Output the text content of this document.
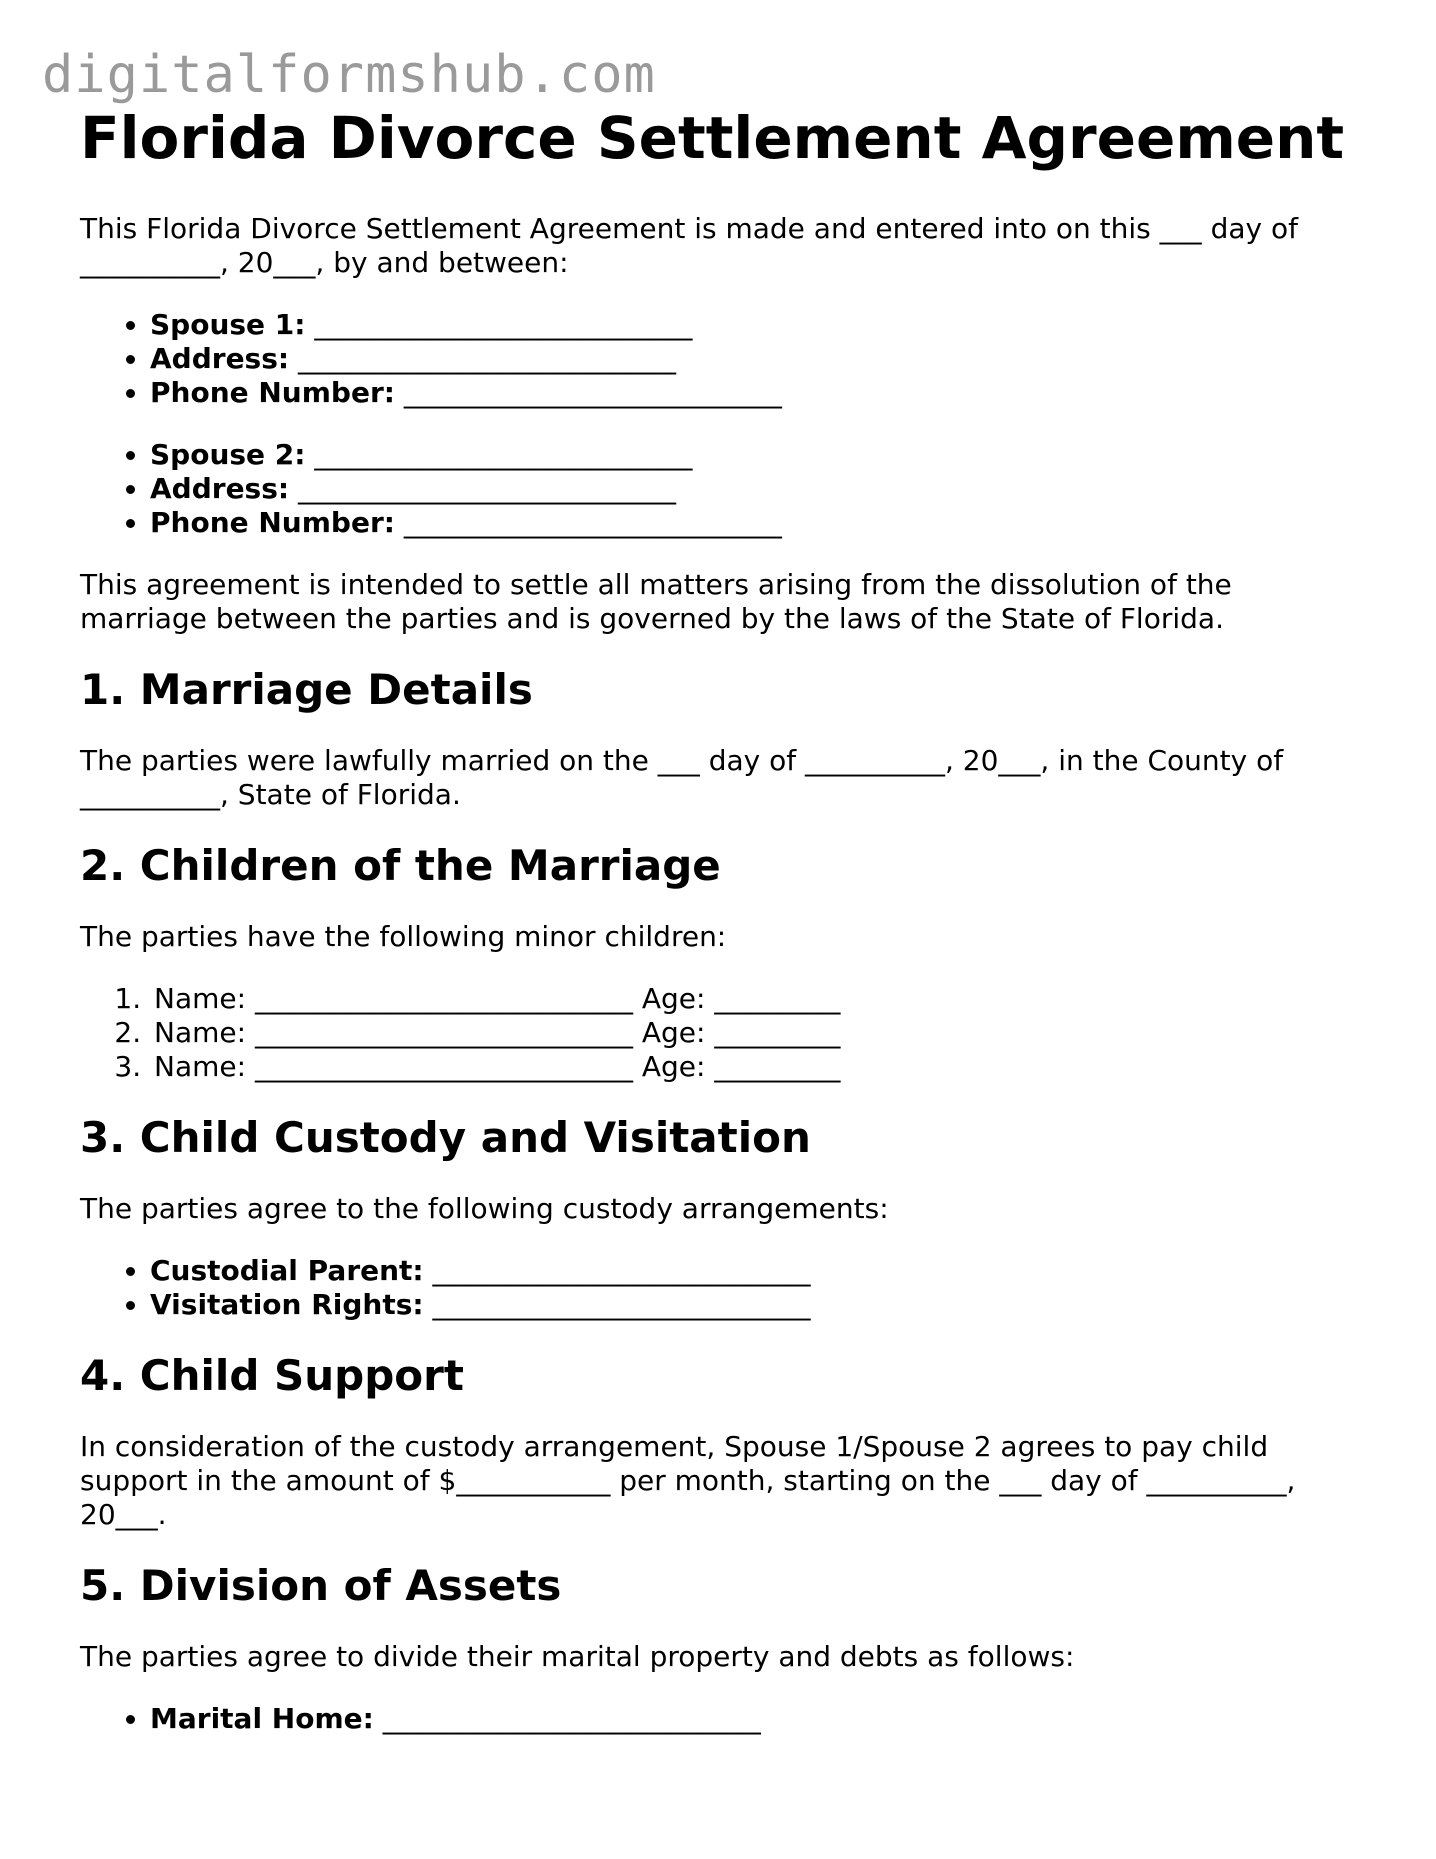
digitalformshub.com
Florida Divorce Settlement Agreement

This Florida Divorce Settlement Agreement is made and entered into on this ___ day of __________, 20___, by and between:

• Spouse 1: ___________________________
• Address: ___________________________
• Phone Number: ___________________________
• Spouse 2: ___________________________
• Address: ___________________________
• Phone Number: ___________________________

This agreement is intended to settle all matters arising from the dissolution of the marriage between the parties and is governed by the laws of the State of Florida.

1. Marriage Details

The parties were lawfully married on the ___ day of __________, 20___, in the County of __________, State of Florida.

2. Children of the Marriage

The parties have the following minor children:

1. Name: ___________________________ Age: _________
2. Name: ___________________________ Age: _________
3. Name: ___________________________ Age: _________
3. Child Custody and Visitation

The parties agree to the following custody arrangements:

• Custodial Parent: ___________________________
• Visitation Rights: ___________________________
4. Child Support

In consideration of the custody arrangement, Spouse 1/Spouse 2 agrees to pay child support in the amount of $___________ per month, starting on the ___ day of __________, 20___.

5. Division of Assets

The parties agree to divide their marital property and debts as follows:

• Marital Home: ___________________________
